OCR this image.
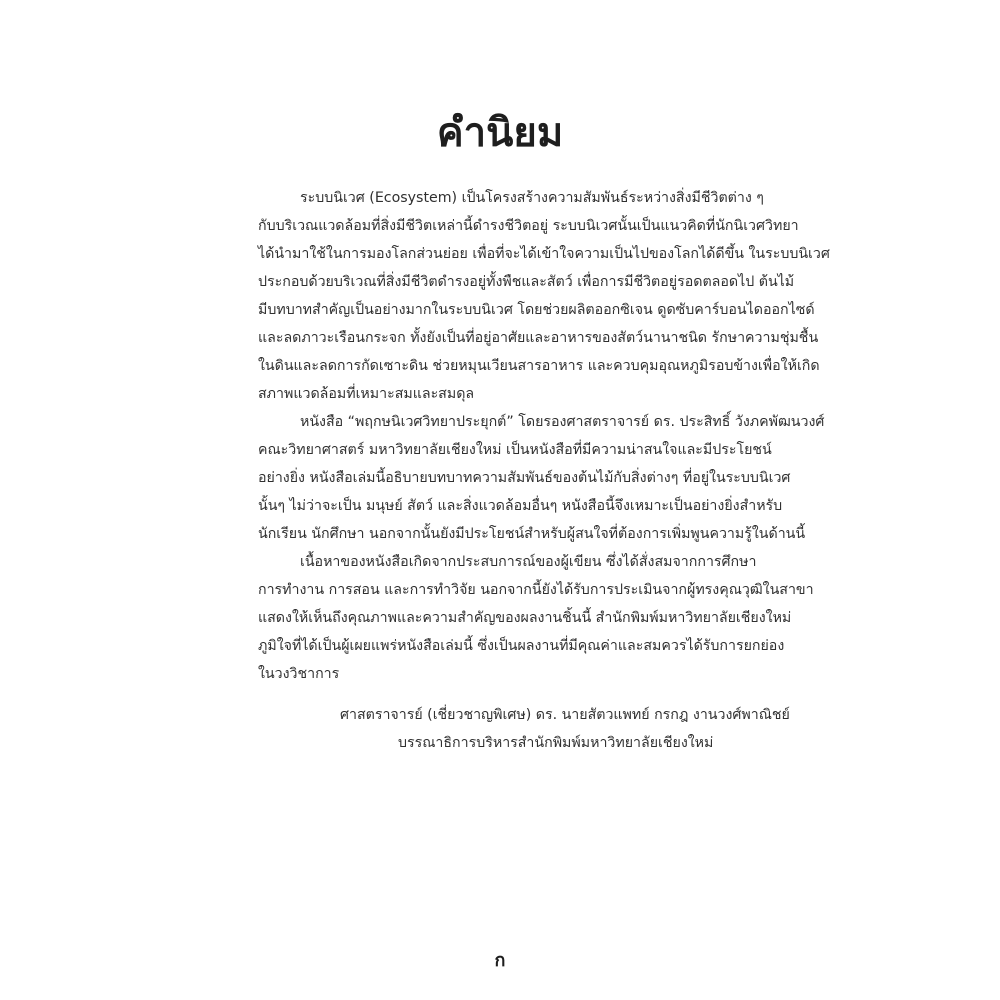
คำนิยม
ระบบนิเวศ (Ecosystem) เป็นโครงสร้างความสัมพันธ์ระหว่างสิ่งมีชีวิตต่าง ๆ
กับบริเวณแวดล้อมที่สิ่งมีชีวิตเหล่านี้ดำรงชีวิตอยู่ ระบบนิเวศนั้นเป็นแนวคิดที่นักนิเวศวิทยา
ได้นำมาใช้ในการมองโลกส่วนย่อย เพื่อที่จะได้เข้าใจความเป็นไปของโลกได้ดีขึ้น ในระบบนิเวศ
ประกอบด้วยบริเวณที่สิ่งมีชีวิตดำรงอยู่ทั้งพืชและสัตว์ เพื่อการมีชีวิตอยู่รอดตลอดไป ต้นไม้
มีบทบาทสำคัญเป็นอย่างมากในระบบนิเวศ โดยช่วยผลิตออกซิเจน ดูดซับคาร์บอนไดออกไซด์
และลดภาวะเรือนกระจก ทั้งยังเป็นที่อยู่อาศัยและอาหารของสัตว์นานาชนิด รักษาความชุ่มชื้น
ในดินและลดการกัดเซาะดิน ช่วยหมุนเวียนสารอาหาร และควบคุมอุณหภูมิรอบข้างเพื่อให้เกิด
สภาพแวดล้อมที่เหมาะสมและสมดุล
หนังสือ “พฤกษนิเวศวิทยาประยุกต์” โดยรองศาสตราจารย์ ดร. ประสิทธิ์ วังภคพัฒนวงศ์
คณะวิทยาศาสตร์ มหาวิทยาลัยเชียงใหม่ เป็นหนังสือที่มีความน่าสนใจและมีประโยชน์
อย่างยิ่ง หนังสือเล่มนี้อธิบายบทบาทความสัมพันธ์ของต้นไม้กับสิ่งต่างๆ ที่อยู่ในระบบนิเวศ
นั้นๆ ไม่ว่าจะเป็น มนุษย์ สัตว์ และสิ่งแวดล้อมอื่นๆ หนังสือนี้จึงเหมาะเป็นอย่างยิ่งสำหรับ
นักเรียน นักศึกษา นอกจากนั้นยังมีประโยชน์สำหรับผู้สนใจที่ต้องการเพิ่มพูนความรู้ในด้านนี้
เนื้อหาของหนังสือเกิดจากประสบการณ์ของผู้เขียน ซึ่งได้สั่งสมจากการศึกษา
การทำงาน การสอน และการทำวิจัย นอกจากนี้ยังได้รับการประเมินจากผู้ทรงคุณวุฒิในสาขา
แสดงให้เห็นถึงคุณภาพและความสำคัญของผลงานชิ้นนี้ สำนักพิมพ์มหาวิทยาลัยเชียงใหม่
ภูมิใจที่ได้เป็นผู้เผยแพร่หนังสือเล่มนี้ ซึ่งเป็นผลงานที่มีคุณค่าและสมควรได้รับการยกย่อง
ในวงวิชาการ
ศาสตราจารย์ (เชี่ยวชาญพิเศษ) ดร. นายสัตวแพทย์ กรกฎ งานวงศ์พาณิชย์
บรรณาธิการบริหารสำนักพิมพ์มหาวิทยาลัยเชียงใหม่
ก
